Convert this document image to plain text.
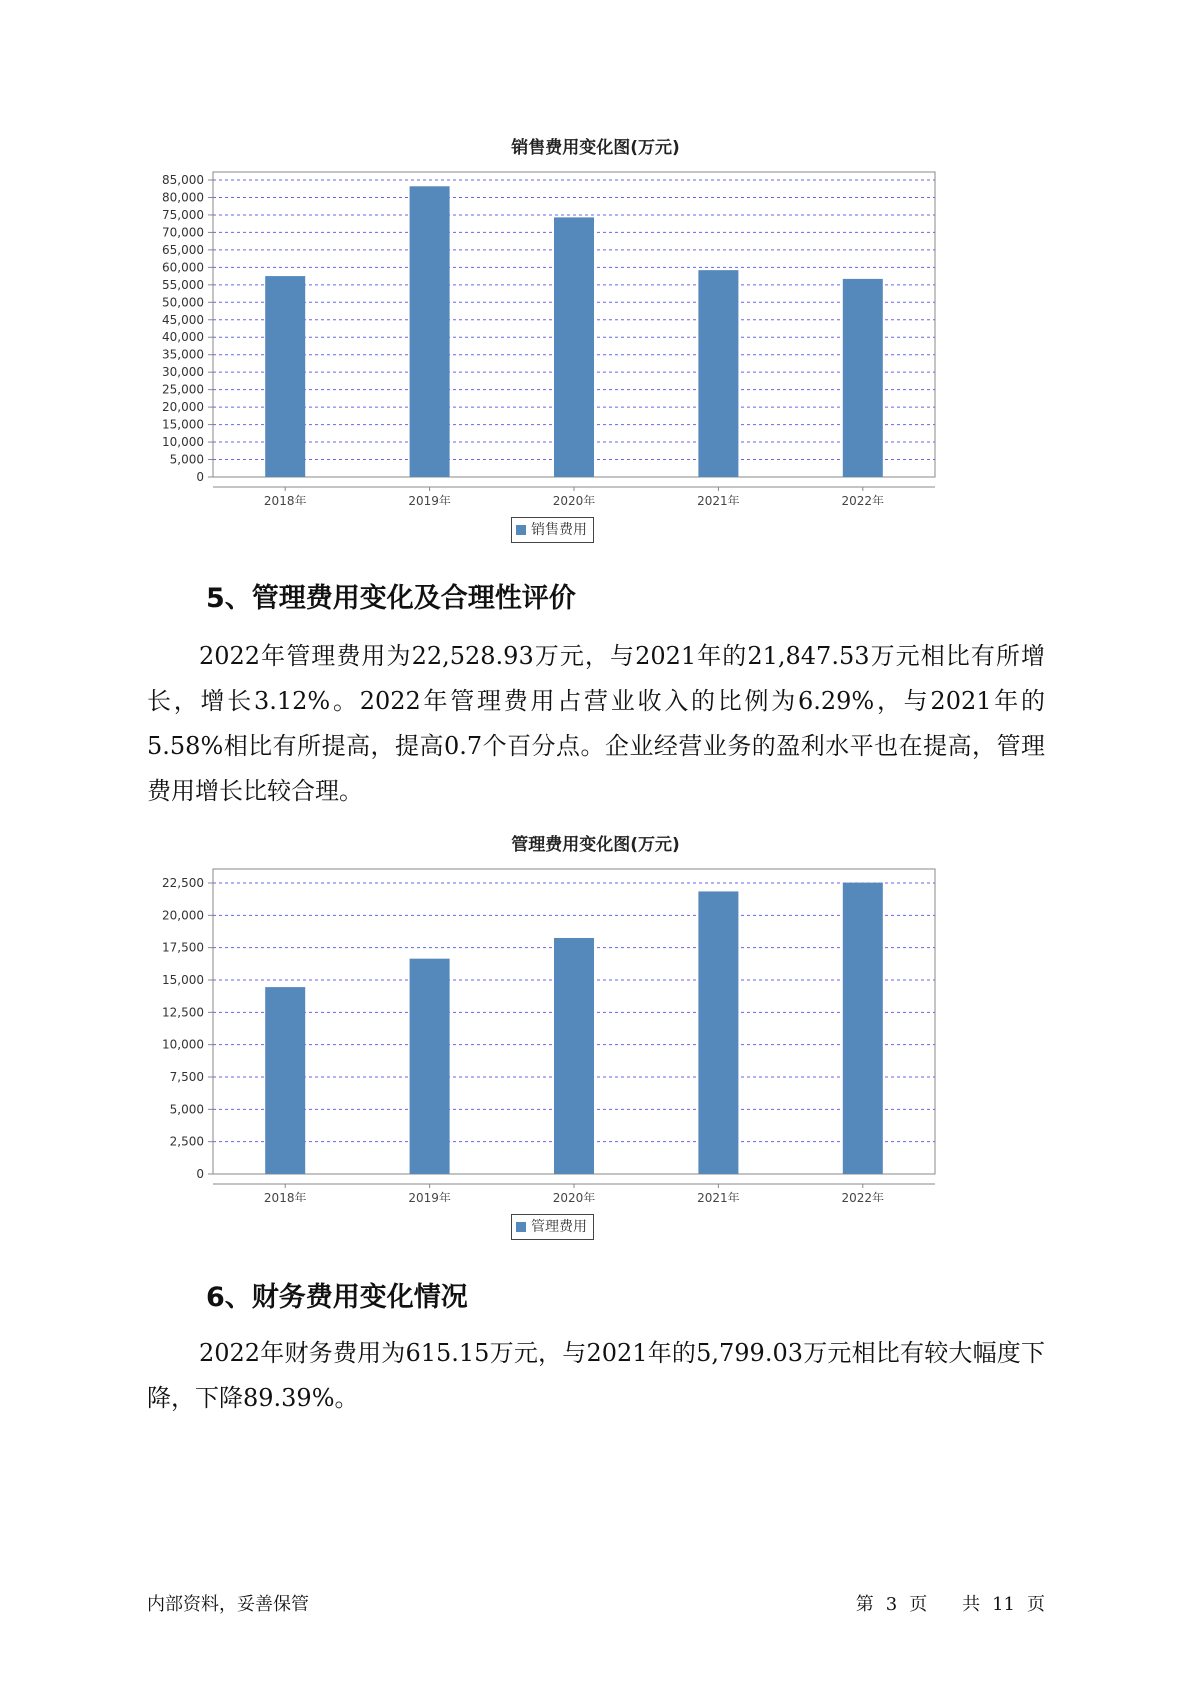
销售费用变化图(万元)
0
5,000
10,000
15,000
20,000
25,000
30,000
35,000
40,000
45,000
50,000
55,000
60,000
65,000
70,000
75,000
80,000
85,000
2018年	2019年	2020年	2021年	2022年
销售费用
5、管理费用变化及合理性评价

2022年管理费用为22,528.93万元，与2021年的21,847.53万元相比有所增长，增长3.12%。2022年管理费用占营业收入的比例为6.29%，与2021年的5.58%相比有所提高，提高0.7个百分点。企业经营业务的盈利水平也在提高，管理费用增长比较合理。

管理费用变化图(万元)
0
2,500
5,000
7,500
10,000
12,500
15,000
17,500
20,000
22,500
2018年	2019年	2020年	2021年	2022年
管理费用
6、财务费用变化情况

2022年财务费用为615.15万元，与2021年的5,799.03万元相比有较大幅度下降，下降89.39%。

内部资料，妥善保管	第 3 页 共 11 页
